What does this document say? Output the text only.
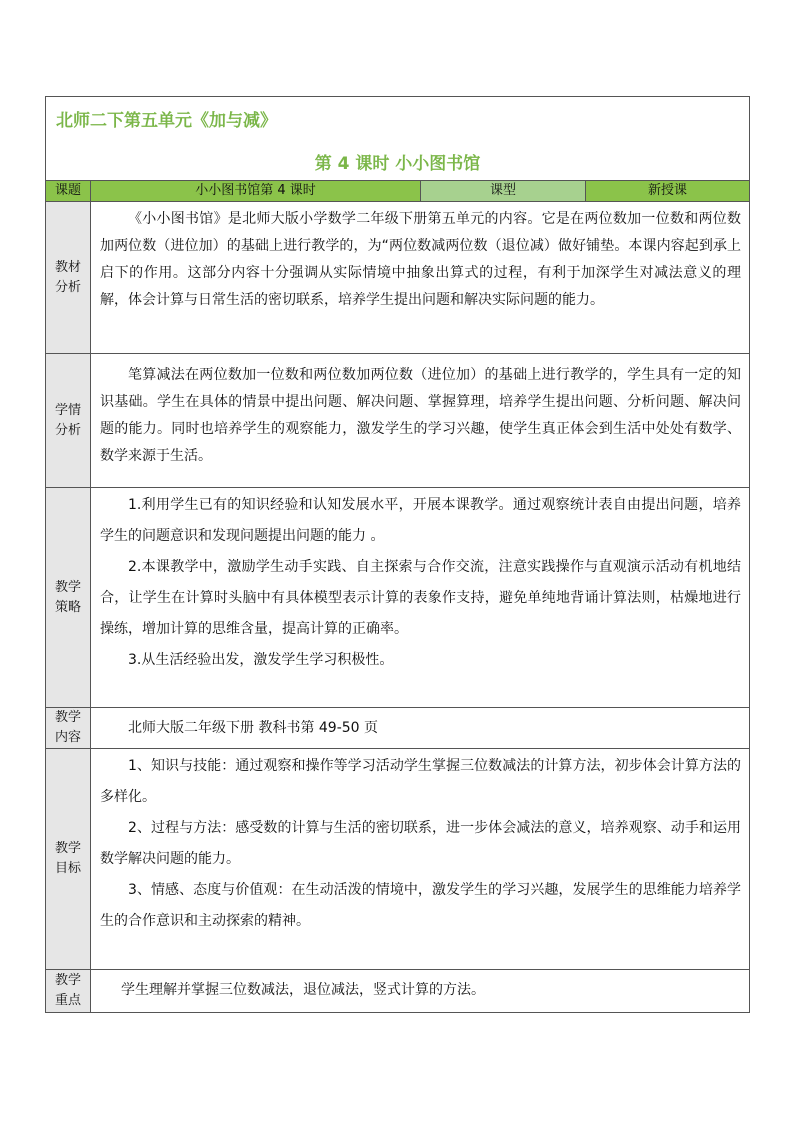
北师二下第五单元《加与减》
第 4 课时 小小图书馆
课题	小小图书馆第 4 课时	课型	新授课
教材分析

《小小图书馆》是北师大版小学数学二年级下册第五单元的内容。它是在两位数加一位数和两位数加两位数（进位加）的基础上进行教学的，为“两位数减两位数（退位减）做好铺垫。本课内容起到承上启下的作用。这部分内容十分强调从实际情境中抽象出算式的过程，有利于加深学生对减法意义的理解，体会计算与日常生活的密切联系，培养学生提出问题和解决实际问题的能力。

学情分析

笔算减法在两位数加一位数和两位数加两位数（进位加）的基础上进行教学的，学生具有一定的知识基础。学生在具体的情景中提出问题、解决问题、掌握算理，培养学生提出问题、分析问题、解决问题的能力。同时也培养学生的观察能力，激发学生的学习兴趣，使学生真正体会到生活中处处有数学、数学来源于生活。

教学策略

1.利用学生已有的知识经验和认知发展水平，开展本课教学。通过观察统计表自由提出问题，培养学生的问题意识和发现问题提出问题的能力 。

2.本课教学中，激励学生动手实践、自主探索与合作交流，注意实践操作与直观演示活动有机地结合，让学生在计算时头脑中有具体模型表示计算的表象作支持，避免单纯地背诵计算法则，枯燥地进行操练，增加计算的思维含量，提高计算的正确率。

3.从生活经验出发，激发学生学习积极性。

教学内容

北师大版二年级下册 教科书第 49-50 页

教学目标

1、知识与技能：通过观察和操作等学习活动学生掌握三位数减法的计算方法，初步体会计算方法的多样化。

2、过程与方法：感受数的计算与生活的密切联系，进一步体会减法的意义，培养观察、动手和运用数学解决问题的能力。

3、情感、态度与价值观：在生动活泼的情境中，激发学生的学习兴趣，发展学生的思维能力培养学生的合作意识和主动探索的精神。

教学重点

学生理解并掌握三位数减法，退位减法，竖式计算的方法。
